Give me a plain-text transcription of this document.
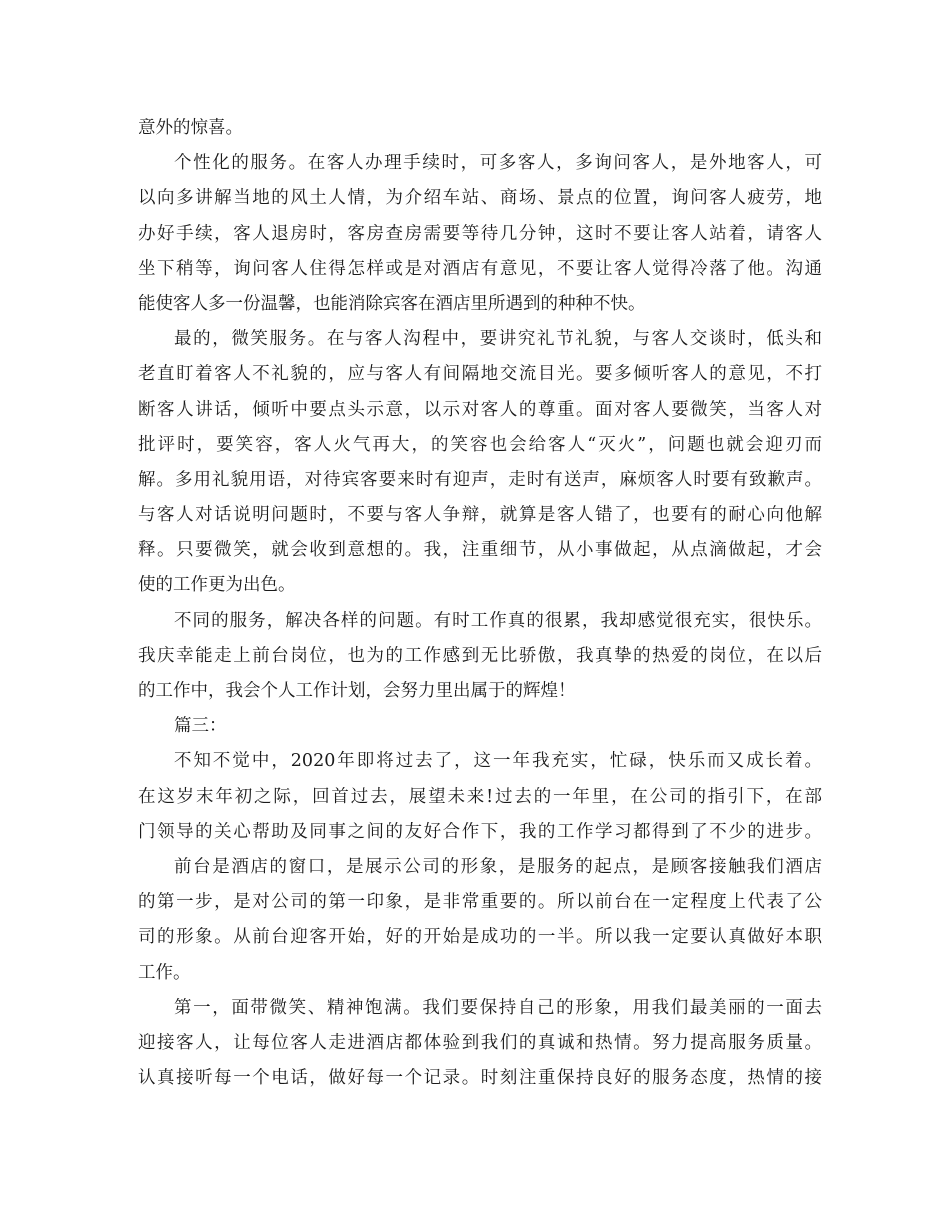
意外的惊喜。
个性化的服务。在客人办理手续时，可多客人，多询问客人，是外地客人，可
以向多讲解当地的风土人情，为介绍车站、商场、景点的位置，询问客人疲劳，地
办好手续，客人退房时，客房查房需要等待几分钟，这时不要让客人站着，请客人
坐下稍等，询问客人住得怎样或是对酒店有意见，不要让客人觉得冷落了他。沟通
能使客人多一份温馨，也能消除宾客在酒店里所遇到的种种不快。
最的，微笑服务。在与客人沟程中，要讲究礼节礼貌，与客人交谈时，低头和
老直盯着客人不礼貌的，应与客人有间隔地交流目光。要多倾听客人的意见，不打
断客人讲话，倾听中要点头示意，以示对客人的尊重。面对客人要微笑，当客人对
批评时，要笑容，客人火气再大，的笑容也会给客人“灭火”，问题也就会迎刃而
解。多用礼貌用语，对待宾客要来时有迎声，走时有送声，麻烦客人时要有致歉声。
与客人对话说明问题时，不要与客人争辩，就算是客人错了，也要有的耐心向他解
释。只要微笑，就会收到意想的。我，注重细节，从小事做起，从点滴做起，才会
使的工作更为出色。
不同的服务，解决各样的问题。有时工作真的很累，我却感觉很充实，很快乐。
我庆幸能走上前台岗位，也为的工作感到无比骄傲，我真挚的热爱的岗位，在以后
的工作中，我会个人工作计划，会努力里出属于的辉煌！
篇三：
不知不觉中，2020年即将过去了，这一年我充实，忙碌，快乐而又成长着。
在这岁末年初之际，回首过去，展望未来!过去的一年里，在公司的指引下，在部
门领导的关心帮助及同事之间的友好合作下，我的工作学习都得到了不少的进步。
前台是酒店的窗口，是展示公司的形象，是服务的起点，是顾客接触我们酒店
的第一步，是对公司的第一印象，是非常重要的。所以前台在一定程度上代表了公
司的形象。从前台迎客开始，好的开始是成功的一半。所以我一定要认真做好本职
工作。
第一，面带微笑、精神饱满。我们要保持自己的形象，用我们最美丽的一面去
迎接客人，让每位客人走进酒店都体验到我们的真诚和热情。努力提高服务质量。
认真接听每一个电话，做好每一个记录。时刻注重保持良好的服务态度，热情的接
